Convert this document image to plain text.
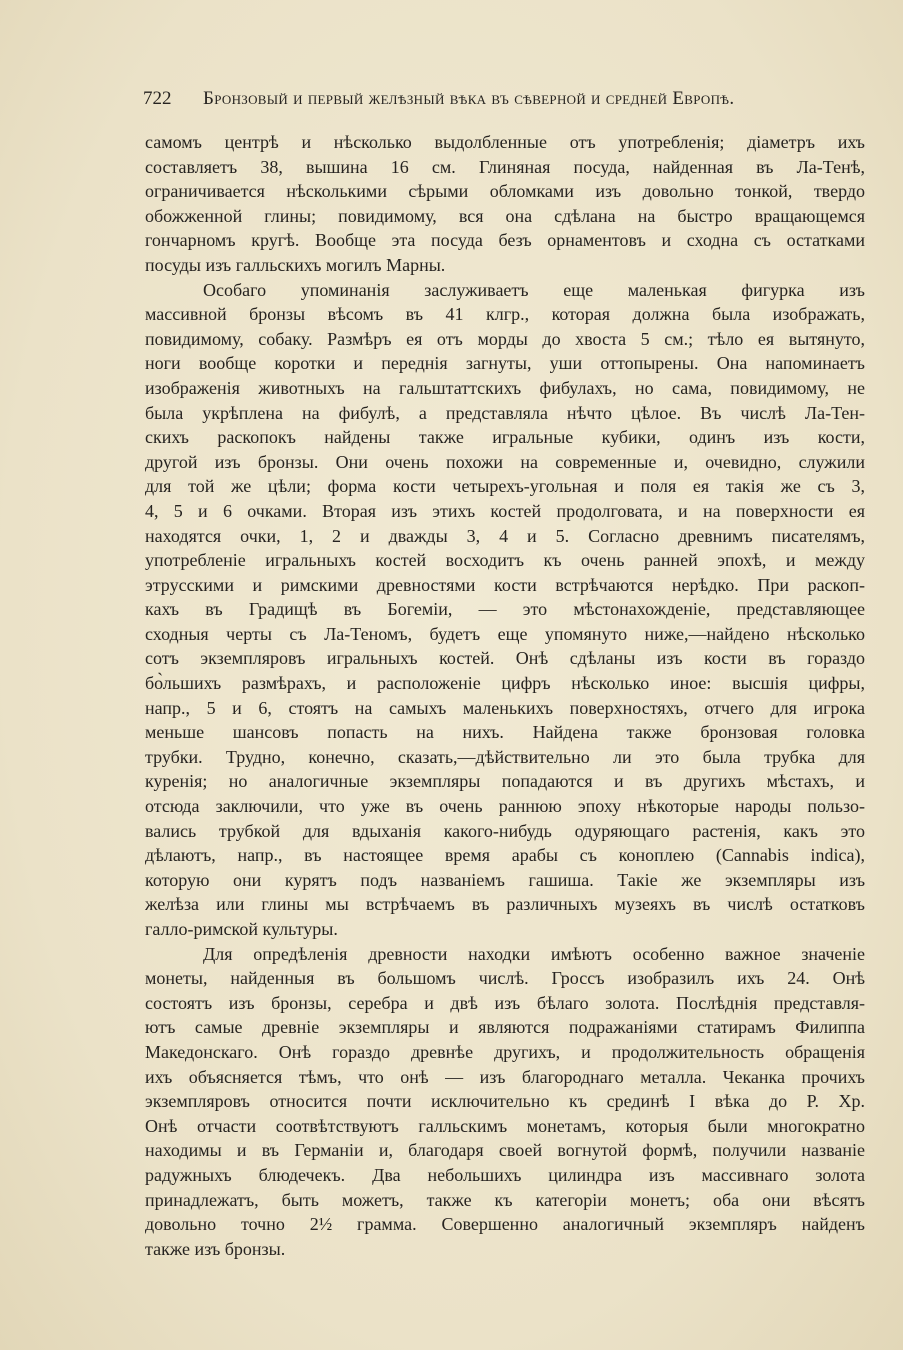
722 Бронзовый и первый желѣзный вѣка въ сѣверной и средней Европѣ.
самомъ центрѣ и нѣсколько выдолбленные отъ употребленія; діаметръ ихъ
составляетъ 38, вышина 16 см. Глиняная посуда, найденная въ Ла-Тенѣ,
ограничивается нѣсколькими сѣрыми обломками изъ довольно тонкой, твердо
обожженной глины; повидимому, вся она сдѣлана на быстро вращающемся
гончарномъ кругѣ. Вообще эта посуда безъ орнаментовъ и сходна съ остатками
посуды изъ галльскихъ могилъ Марны.
Особаго упоминанія заслуживаетъ еще маленькая фигурка изъ
массивной бронзы вѣсомъ въ 41 клгр., которая должна была изображать,
повидимому, собаку. Размѣръ ея отъ морды до хвоста 5 см.; тѣло ея вытянуто,
ноги вообще коротки и переднія загнуты, уши оттопырены. Она напоминаетъ
изображенія животныхъ на гальштаттскихъ фибулахъ, но сама, повидимому, не
была укрѣплена на фибулѣ, а представляла нѣчто цѣлое. Въ числѣ Ла-Тен-
скихъ раскопокъ найдены также игральные кубики, одинъ изъ кости,
другой изъ бронзы. Они очень похожи на современные и, очевидно, служили
для той же цѣли; форма кости четырехъ-угольная и поля ея такія же съ 3,
4, 5 и 6 очками. Вторая изъ этихъ костей продолговата, и на поверхности ея
находятся очки, 1, 2 и дважды 3, 4 и 5. Согласно древнимъ писателямъ,
употребленіе игральныхъ костей восходитъ къ очень ранней эпохѣ, и между
этрусскими и римскими древностями кости встрѣчаются нерѣдко. При раскоп-
кахъ въ Градищѣ въ Богеміи, — это мѣстонахожденіе, представляющее
сходныя черты съ Ла-Теномъ, будетъ еще упомянуто ниже,—найдено нѣсколько
сотъ экземпляровъ игральныхъ костей. Онѣ сдѣланы изъ кости въ гораздо
бо̀льшихъ размѣрахъ, и расположеніе цифръ нѣсколько иное: высшія цифры,
напр., 5 и 6, стоятъ на самыхъ маленькихъ поверхностяхъ, отчего для игрока
меньше шансовъ попасть на нихъ. Найдена также бронзовая головка
трубки. Трудно, конечно, сказать,—дѣйствительно ли это была трубка для
куренія; но аналогичные экземпляры попадаются и въ другихъ мѣстахъ, и
отсюда заключили, что уже въ очень раннюю эпоху нѣкоторые народы пользо-
вались трубкой для вдыханія какого-нибудь одуряющаго растенія, какъ это
дѣлаютъ, напр., въ настоящее время арабы съ коноплею (Cannabis indica),
которую они курятъ подъ названіемъ гашиша. Такіе же экземпляры изъ
желѣза или глины мы встрѣчаемъ въ различныхъ музеяхъ въ числѣ остатковъ
галло-римской культуры.
Для опредѣленія древности находки имѣютъ особенно важное значеніе
монеты, найденныя въ большомъ числѣ. Гроссъ изобразилъ ихъ 24. Онѣ
состоятъ изъ бронзы, серебра и двѣ изъ бѣлаго золота. Послѣднія представля-
ютъ самые древніе экземпляры и являются подражаніями статирамъ Филиппа
Македонскаго. Онѣ гораздо древнѣе другихъ, и продолжительность обращенія
ихъ объясняется тѣмъ, что онѣ — изъ благороднаго металла. Чеканка прочихъ
экземпляровъ относится почти исключительно къ срединѣ I вѣка до Р. Хр.
Онѣ отчасти соотвѣтствуютъ галльскимъ монетамъ, которыя были многократно
находимы и въ Германіи и, благодаря своей вогнутой формѣ, получили названіе
радужныхъ блюдечекъ. Два небольшихъ цилиндра изъ массивнаго золота
принадлежатъ, быть можетъ, также къ категоріи монетъ; оба они вѣсятъ
довольно точно 2½ грамма. Совершенно аналогичный экземпляръ найденъ
также изъ бронзы.
